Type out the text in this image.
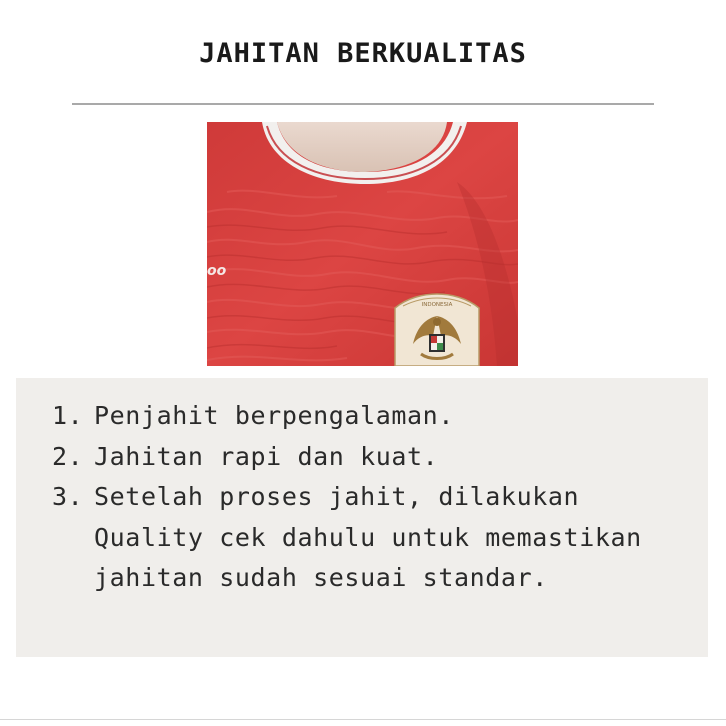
JAHITAN BERKUALITAS
oo
INDONESIA
1. Penjahit berpengalaman.
2. Jahitan rapi dan kuat.
3. Setelah proses jahit, dilakukan Quality cek dahulu untuk memastikan jahitan sudah sesuai standar.
